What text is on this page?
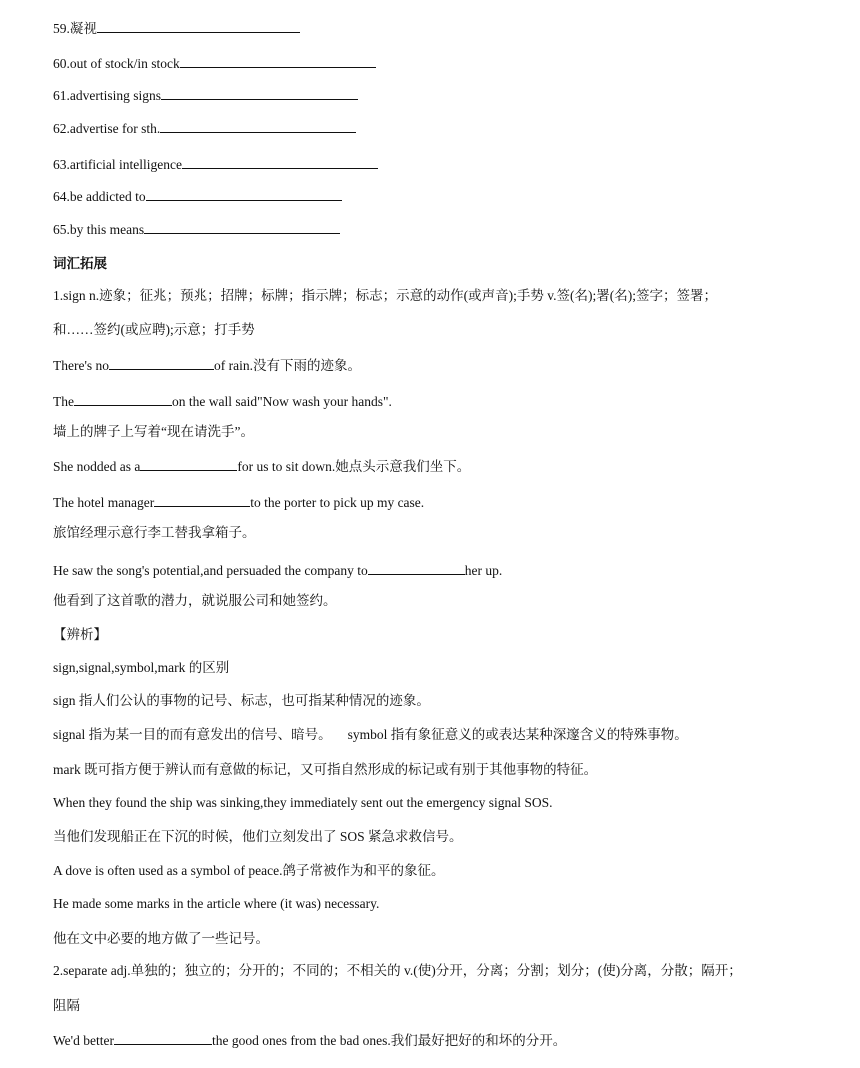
59.凝视
60.out of stock/in stock
61.advertising signs
62.advertise for sth.
63.artificial intelligence
64.be addicted to
65.by this means
词汇拓展
1.sign n.迹象；征兆；预兆；招牌；标牌；指示牌；标志；示意的动作(或声音);手势 v.签(名);署(名);签字；签署；
和……签约(或应聘);示意；打手势
There's no	of rain.没有下雨的迹象。
The	on the wall said"Now wash your hands".
墙上的牌子上写着“现在请洗手”。
She nodded as a	for us to sit down.她点头示意我们坐下。
The hotel manager	to the porter to pick up my case.
旅馆经理示意行李工替我拿箱子。
He saw the song's potential,and persuaded the company to	her up.
他看到了这首歌的潜力，就说服公司和她签约。
【辨析】
sign,signal,symbol,mark 的区别
sign 指人们公认的事物的记号、标志，也可指某种情况的迹象。
signal 指为某一目的而有意发出的信号、暗号。 symbol 指有象征意义的或表达某种深邃含义的特殊事物。
mark 既可指方便于辨认而有意做的标记，又可指自然形成的标记或有别于其他事物的特征。
When they found the ship was sinking,they immediately sent out the emergency signal SOS.
当他们发现船正在下沉的时候，他们立刻发出了 SOS 紧急求救信号。
A dove is often used as a symbol of peace.鸽子常被作为和平的象征。
He made some marks in the article where (it was) necessary.
他在文中必要的地方做了一些记号。
2.separate adj.单独的；独立的；分开的；不同的；不相关的 v.(使)分开，分离；分割；划分；(使)分离，分散；隔开；
阻隔
We'd better	the good ones from the bad ones.我们最好把好的和坏的分开。
